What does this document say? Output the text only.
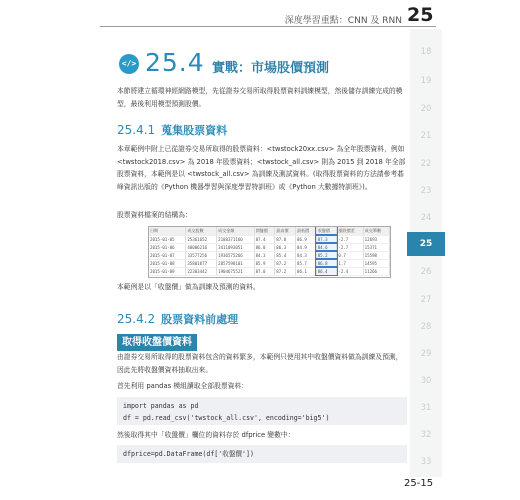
深度學習重點：CNN 及 RNN 25
18
19
20
21
22
23
24
25
26
27
28
29
30
31
32
33
</> 25.4 實戰：市場股價預測
本節將建立循環神經網路模型，先從證券交易所取得股票資料訓練模型，然後儲存訓練完成的模型，最後利用模型預測股價。
25.4.1 蒐集股票資料
本章範例中附上已從證券交易所取得的股票資料：<twstock20xx.csv> 為全年股票資料，例如 <twstock2018.csv> 為 2018 年股票資料；<twstock_all.csv> 則為 2015 到 2018 年全部股票資料，本範例是以 <twstock_all.csv> 為訓練及測試資料。(取得股票資料的方法請參考碁峰資訊出版的《Python 機器學習與深度學習特訓班》或《Python 大數據特訓班》)。
股票資料檔案的結構為：
日期	成交股數	成交金額	開盤價	最高價	最低價	收盤價	漲跌價差	成交筆數
2015-01-05	25361652	2188371160	87.4	87.8	86.9	87.3	-2.7	12693
2015-01-06	40006216	3411093051	86.0	86.3	84.9	84.6	-2.7	15371
2015-01-07	33577256	1936575266	84.3	85.4	84.3	85.2	0.7	15598
2015-01-08	35801077	2857598101	85.9	87.2	85.7	86.8	1.7	14595
2015-01-09	22303442	1904675521	87.0	87.2	86.1	86.4	-2.4	11266
本範例是以「收盤價」做為訓練及預測的資料。
25.4.2 股票資料前處理
取得收盤價資料
由證券交易所取得的股票資料包含的資料繁多，本範例只使用其中收盤價資料做為訓練及預測，因此先將收盤價資料抽取出來。
首先利用 pandas 模組讀取全部股票資料：
import pandas as pd
df = pd.read_csv('twstock_all.csv', encoding='big5')
然後取得其中「收盤價」欄位的資料存於 dfprice 變數中：
dfprice=pd.DataFrame(df['收盤價'])
25-15
